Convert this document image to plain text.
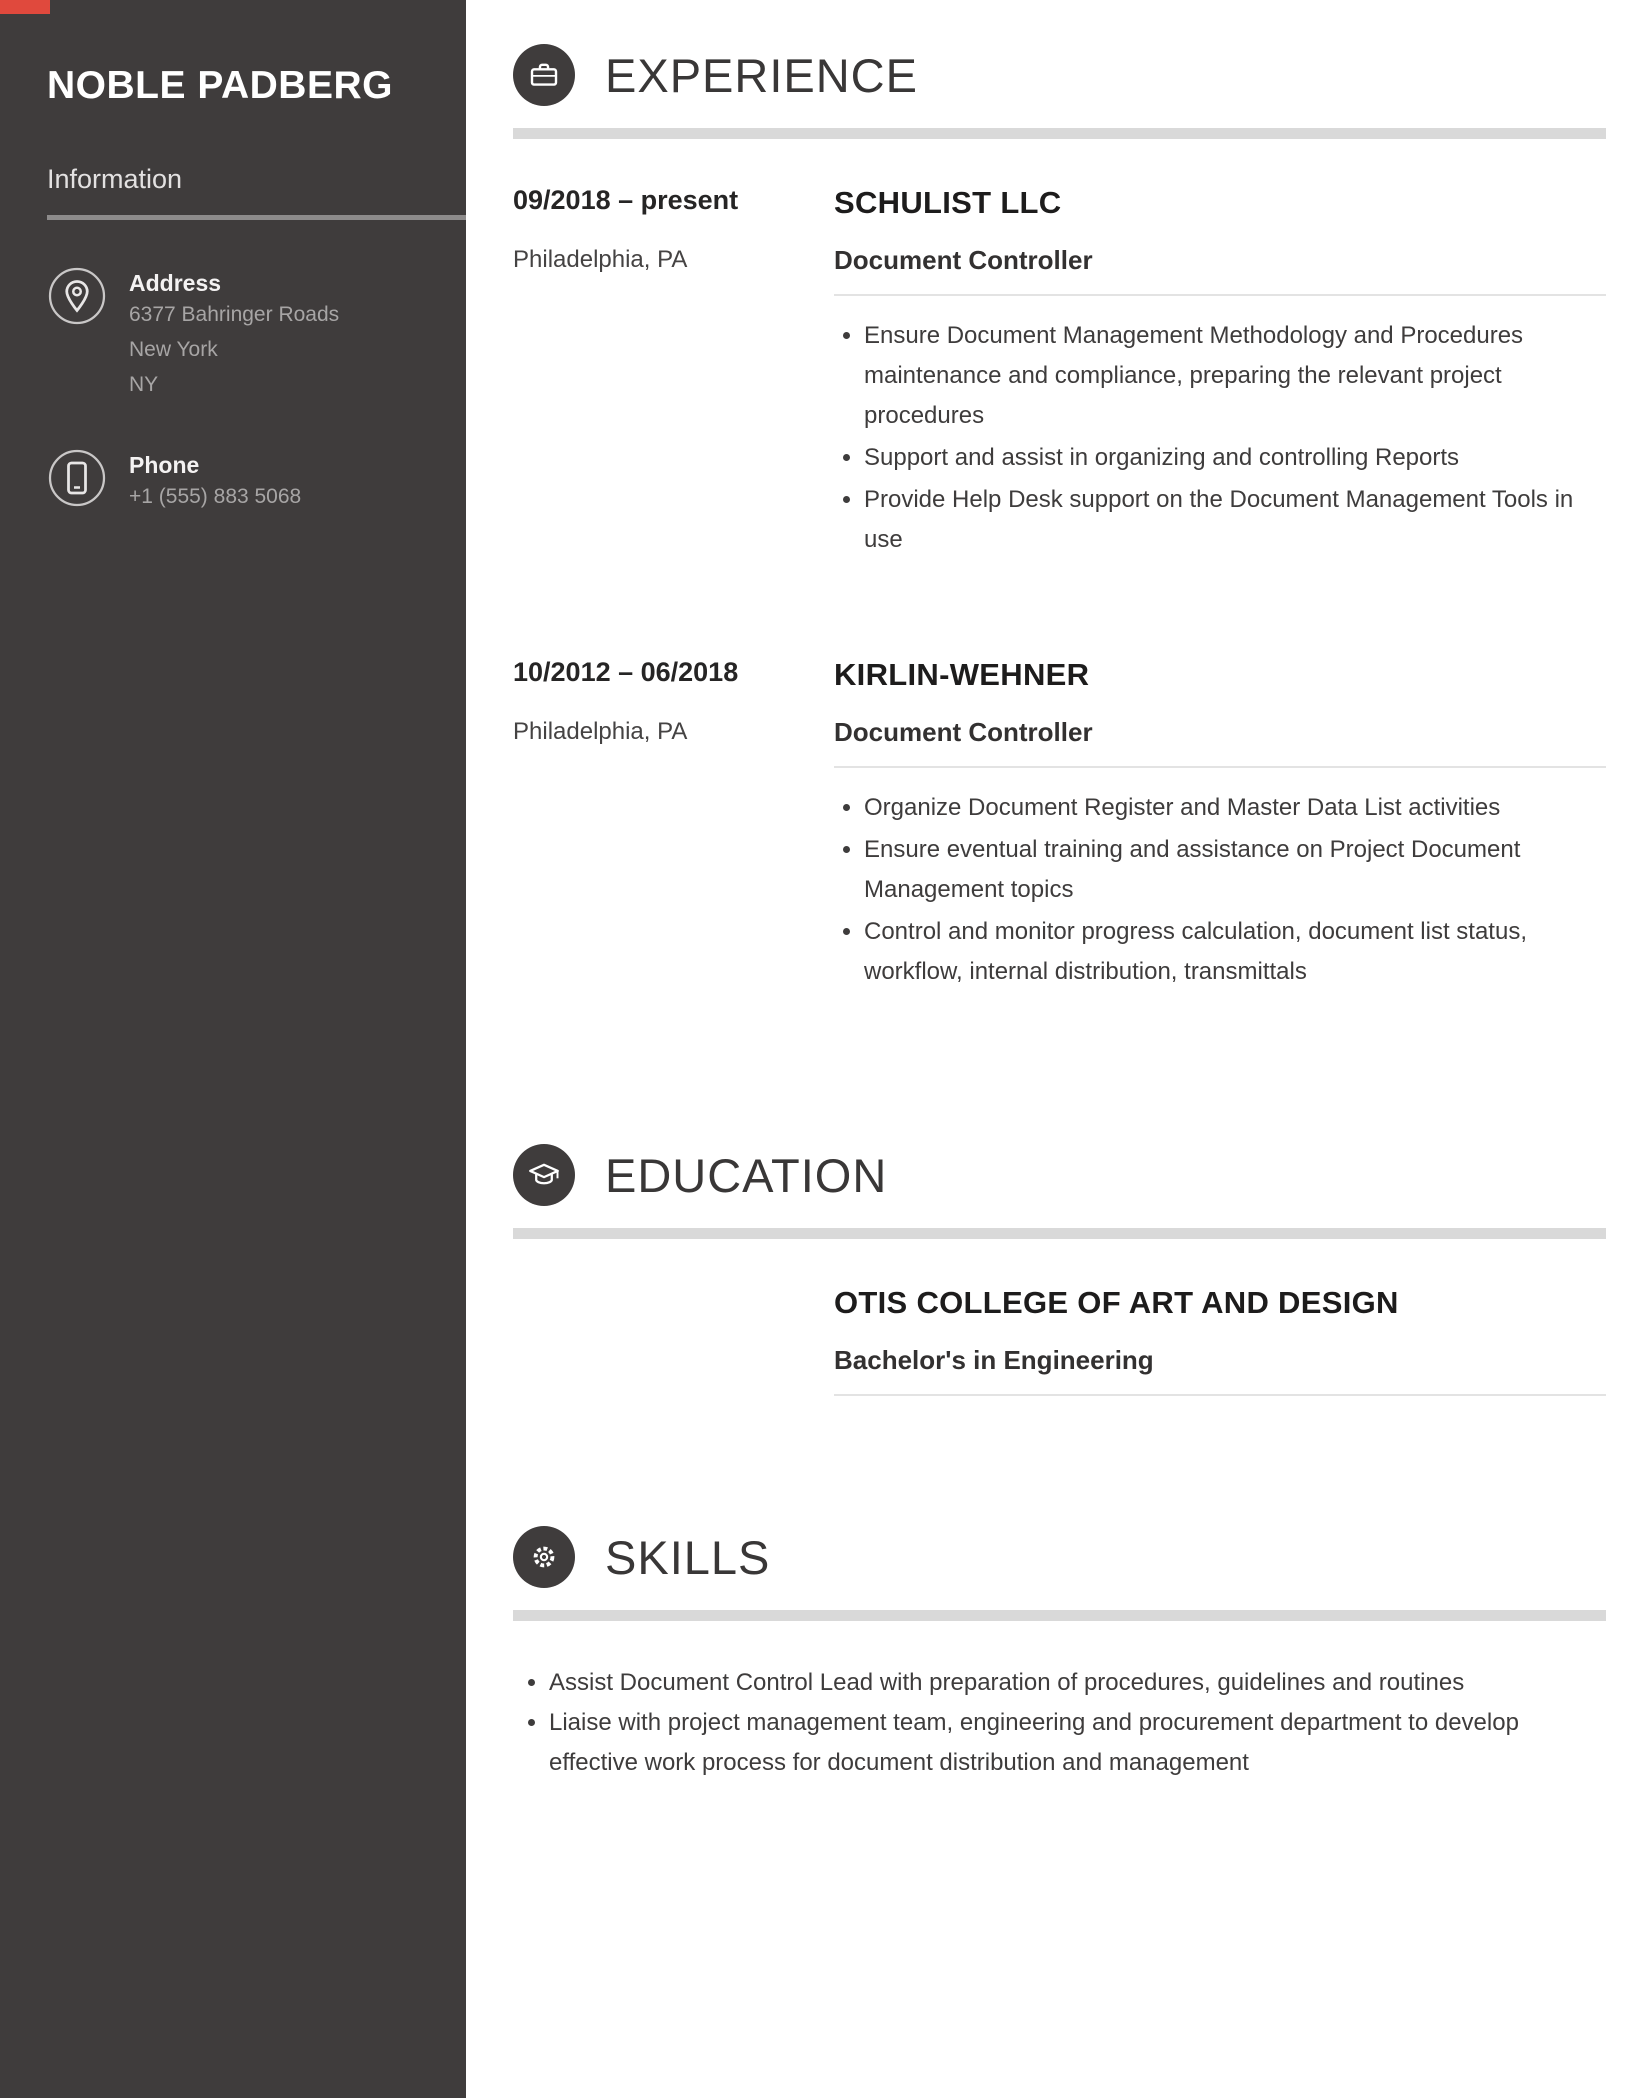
NOBLE PADBERG
Information
Address
6377 Bahringer Roads
New York
NY
Phone
+1 (555) 883 5068
EXPERIENCE
09/2018 – present
Philadelphia, PA
SCHULIST LLC
Document Controller
• Ensure Document Management Methodology and Procedures maintenance and compliance, preparing the relevant project procedures
• Support and assist in organizing and controlling Reports
• Provide Help Desk support on the Document Management Tools in use
10/2012 – 06/2018
Philadelphia, PA
KIRLIN-WEHNER
Document Controller
• Organize Document Register and Master Data List activities
• Ensure eventual training and assistance on Project Document Management topics
• Control and monitor progress calculation, document list status, workflow, internal distribution, transmittals
EDUCATION
OTIS COLLEGE OF ART AND DESIGN
Bachelor's in Engineering
SKILLS
• Assist Document Control Lead with preparation of procedures, guidelines and routines
• Liaise with project management team, engineering and procurement department to develop effective work process for document distribution and management
